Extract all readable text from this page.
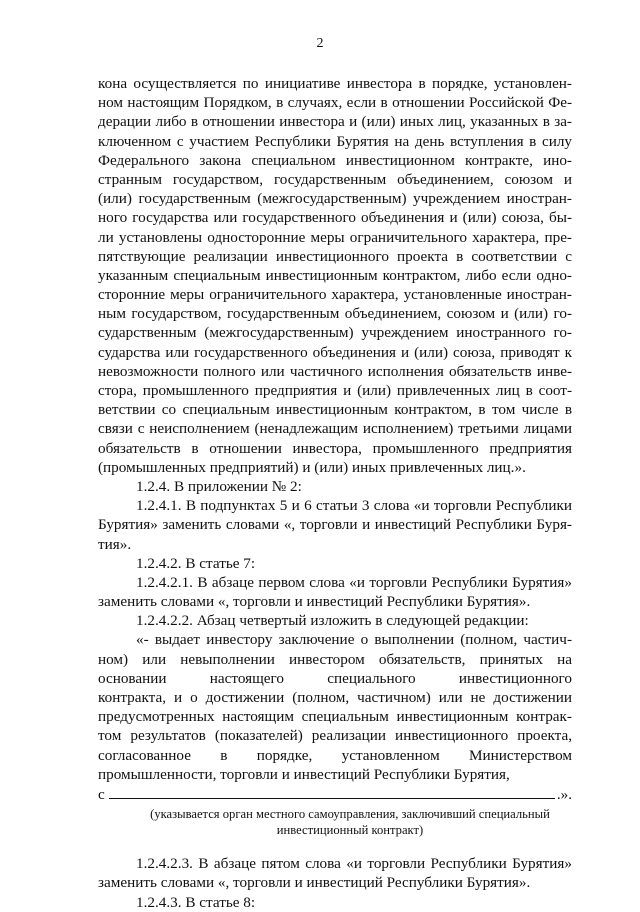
2
кона осуществляется по инициативе инвестора в порядке, установлен-
ном настоящим Порядком, в случаях, если в отношении Российской Фе-
дерации либо в отношении инвестора и (или) иных лиц, указанных в за-
ключенном с участием Республики Бурятия на день вступления в силу
Федерального закона специальном инвестиционном контракте, ино-
странным государством, государственным объединением, союзом и
(или) государственным (межгосударственным) учреждением иностран-
ного государства или государственного объединения и (или) союза, бы-
ли установлены односторонние меры ограничительного характера, пре-
пятствующие реализации инвестиционного проекта в соответствии с
указанным специальным инвестиционным контрактом, либо если одно-
сторонние меры ограничительного характера, установленные иностран-
ным государством, государственным объединением, союзом и (или) го-
сударственным (межгосударственным) учреждением иностранного го-
сударства или государственного объединения и (или) союза, приводят к
невозможности полного или частичного исполнения обязательств инве-
стора, промышленного предприятия и (или) привлеченных лиц в соот-
ветствии со специальным инвестиционным контрактом, в том числе в
связи с неисполнением (ненадлежащим исполнением) третьими лицами
обязательств в отношении инвестора, промышленного предприятия
(промышленных предприятий) и (или) иных привлеченных лиц.».
1.2.4. В приложении № 2:
1.2.4.1. В подпунктах 5 и 6 статьи 3 слова «и торговли Республики
Бурятия» заменить словами «, торговли и инвестиций Республики Буря-
тия».
1.2.4.2. В статье 7:
1.2.4.2.1. В абзаце первом слова «и торговли Республики Бурятия»
заменить словами «, торговли и инвестиций Республики Бурятия».
1.2.4.2.2. Абзац четвертый изложить в следующей редакции:
«- выдает инвестору заключение о выполнении (полном, частич-
ном) или невыполнении инвестором обязательств, принятых на
основании настоящего специального инвестиционного
контракта, и о достижении (полном, частичном) или не достижении
предусмотренных настоящим специальным инвестиционным контрак-
том результатов (показателей) реализации инвестиционного проекта,
согласованное в порядке, установленном Министерством
промышленности, торговли и инвестиций Республики Бурятия,
с	.».
(указывается орган местного самоуправления, заключивший специальный
инвестиционный контракт)
1.2.4.2.3. В абзаце пятом слова «и торговли Республики Бурятия»
заменить словами «, торговли и инвестиций Республики Бурятия».
1.2.4.3. В статье 8:
